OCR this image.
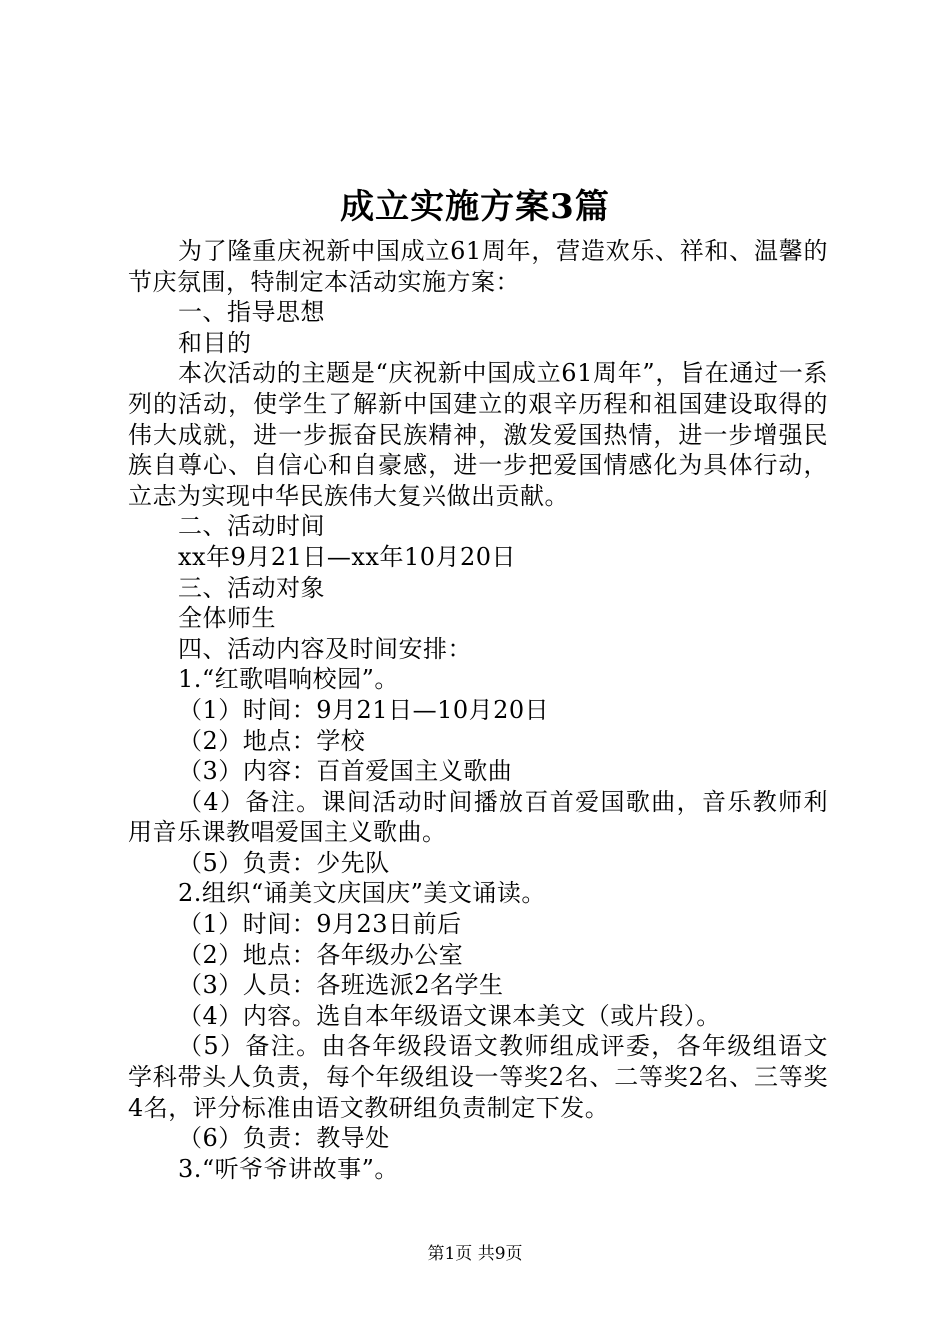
成立实施方案3篇

为了隆重庆祝新中国成立61周年，营造欢乐、祥和、温馨的节庆氛围，特制定本活动实施方案：

一、指导思想

和目的

本次活动的主题是“庆祝新中国成立61周年”，旨在通过一系列的活动，使学生了解新中国建立的艰辛历程和祖国建设取得的伟大成就，进一步振奋民族精神，激发爱国热情，进一步增强民族自尊心、自信心和自豪感，进一步把爱国情感化为具体行动，立志为实现中华民族伟大复兴做出贡献。

二、活动时间

xx年9月21日—xx年10月20日

三、活动对象

全体师生

四、活动内容及时间安排：

1.“红歌唱响校园”。

（1）时间：9月21日—10月20日

（2）地点：学校

（3）内容：百首爱国主义歌曲

（4）备注。课间活动时间播放百首爱国歌曲，音乐教师利用音乐课教唱爱国主义歌曲。

（5）负责：少先队

2.组织“诵美文庆国庆”美文诵读。

（1）时间：9月23日前后

（2）地点：各年级办公室

（3）人员：各班选派2名学生

（4）内容。选自本年级语文课本美文（或片段）。

（5）备注。由各年级段语文教师组成评委，各年级组语文学科带头人负责，每个年级组设一等奖2名、二等奖2名、三等奖4名，评分标准由语文教研组负责制定下发。

（6）负责：教导处

3.“听爷爷讲故事”。

第1页 共9页
